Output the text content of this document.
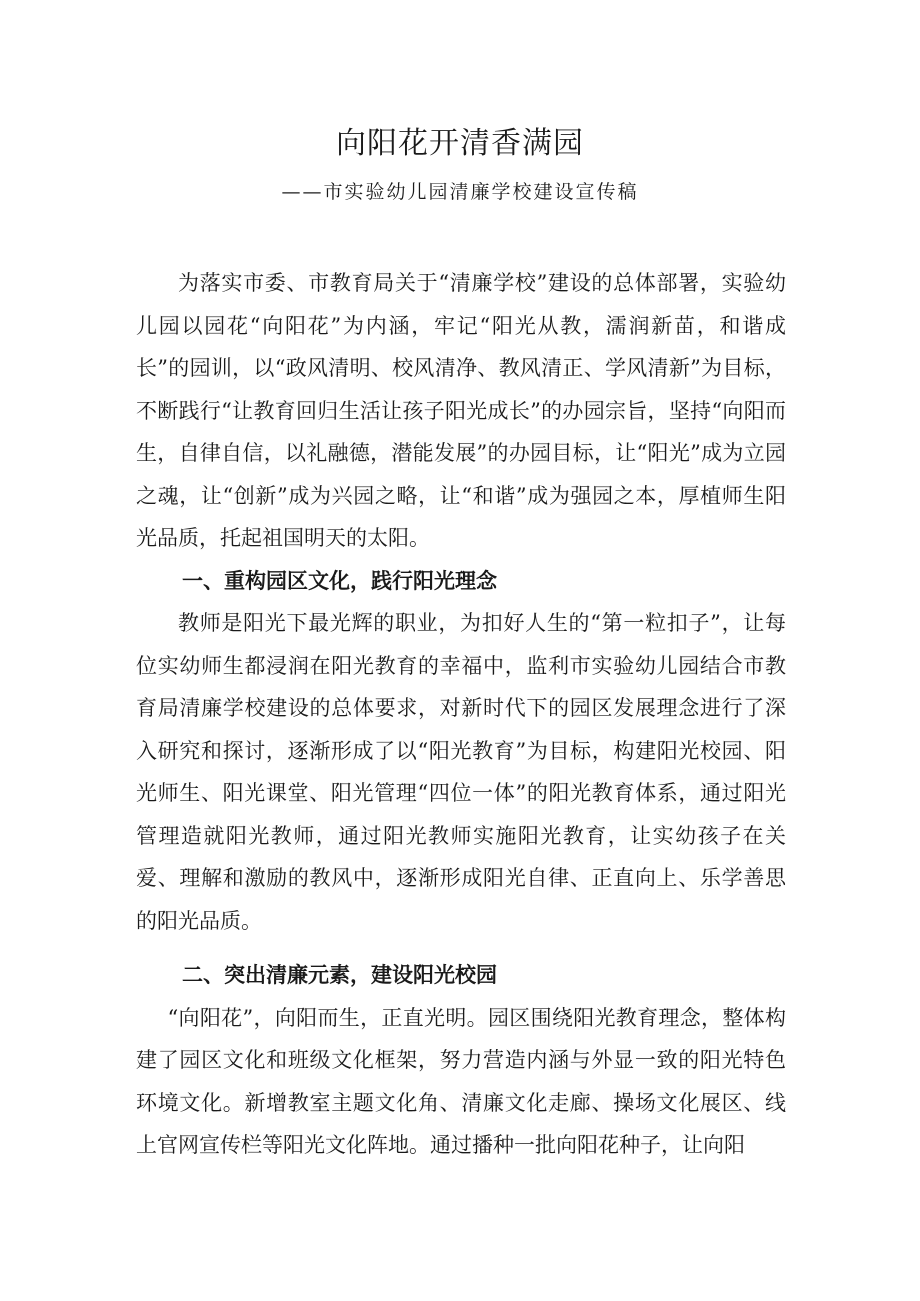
向阳花开清香满园
——市实验幼儿园清廉学校建设宣传稿

为落实市委、市教育局关于“清廉学校”建设的总体部署，实验幼儿园以园花“向阳花”为内涵，牢记“阳光从教，濡润新苗，和谐成长”的园训，以“政风清明、校风清净、教风清正、学风清新”为目标，不断践行“让教育回归生活让孩子阳光成长”的办园宗旨，坚持“向阳而生，自律自信，以礼融德，潜能发展”的办园目标，让“阳光”成为立园之魂，让“创新”成为兴园之略，让“和谐”成为强园之本，厚植师生阳光品质，托起祖国明天的太阳。

一、重构园区文化，践行阳光理念

教师是阳光下最光辉的职业，为扣好人生的“第一粒扣子”，让每位实幼师生都浸润在阳光教育的幸福中，监利市实验幼儿园结合市教育局清廉学校建设的总体要求，对新时代下的园区发展理念进行了深入研究和探讨，逐渐形成了以“阳光教育”为目标，构建阳光校园、阳光师生、阳光课堂、阳光管理“四位一体”的阳光教育体系，通过阳光管理造就阳光教师，通过阳光教师实施阳光教育，让实幼孩子在关爱、理解和激励的教风中，逐渐形成阳光自律、正直向上、乐学善思的阳光品质。

二、突出清廉元素，建设阳光校园

“向阳花”，向阳而生，正直光明。园区围绕阳光教育理念，整体构建了园区文化和班级文化框架，努力营造内涵与外显一致的阳光特色环境文化。新增教室主题文化角、清廉文化走廊、操场文化展区、线上官网宣传栏等阳光文化阵地。通过播种一批向阳花种子，让向阳
